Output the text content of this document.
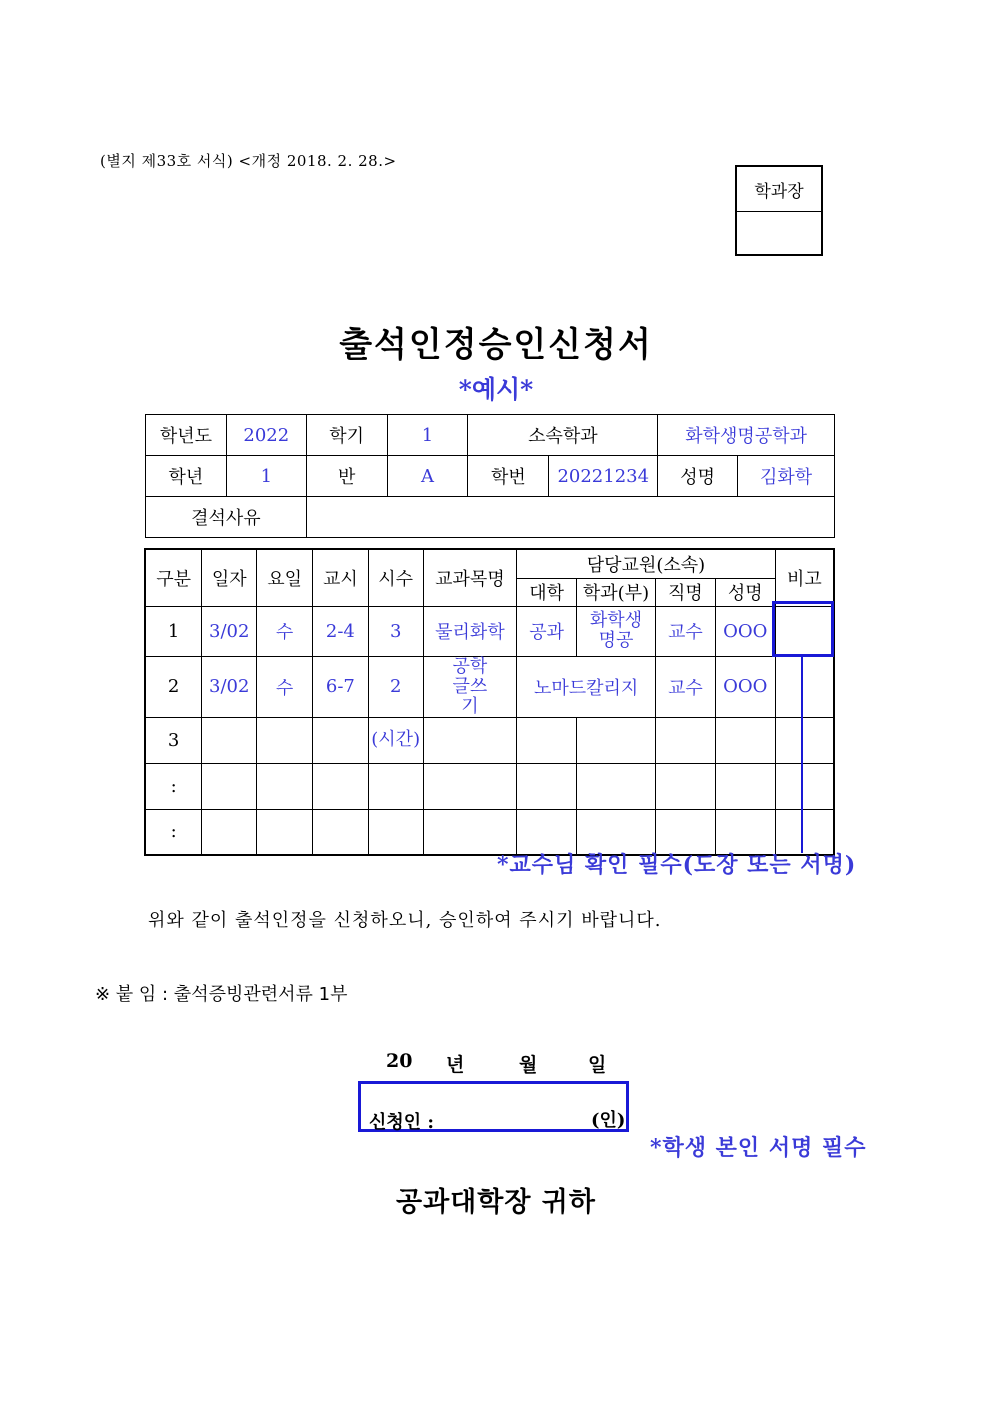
(별지 제33호 서식) <개정 2018. 2. 28.>
학과장
출석인정승인신청서
*예시*
학년도	2022	학기	1	소속학과		화학생명공학과	
학년	1	반	A	학번	20221234	성명	김화학
결석사유							
구분	일자	요일	교시	시수	교과목명	담당교원(소속)				비고
						대학	학과(부)	직명	성명	
1	3/02	수	2-4	3	물리화학	공과	화학생명공	교수	OOO	

2	3/02	수	6-7	2	공학글쓰기	노마드칼리지		교수	OOO	
3				(시간)						
:										
:										
*교수님 확인 필수(도장 또는 서명)
위와 같이 출석인정을 신청하오니, 승인하여 주시기 바랍니다.
※ 붙 임 : 출석증빙관련서류 1부
20 년	월	일
신청인 :	(인)
*학생 본인 서명 필수
공과대학장 귀하
